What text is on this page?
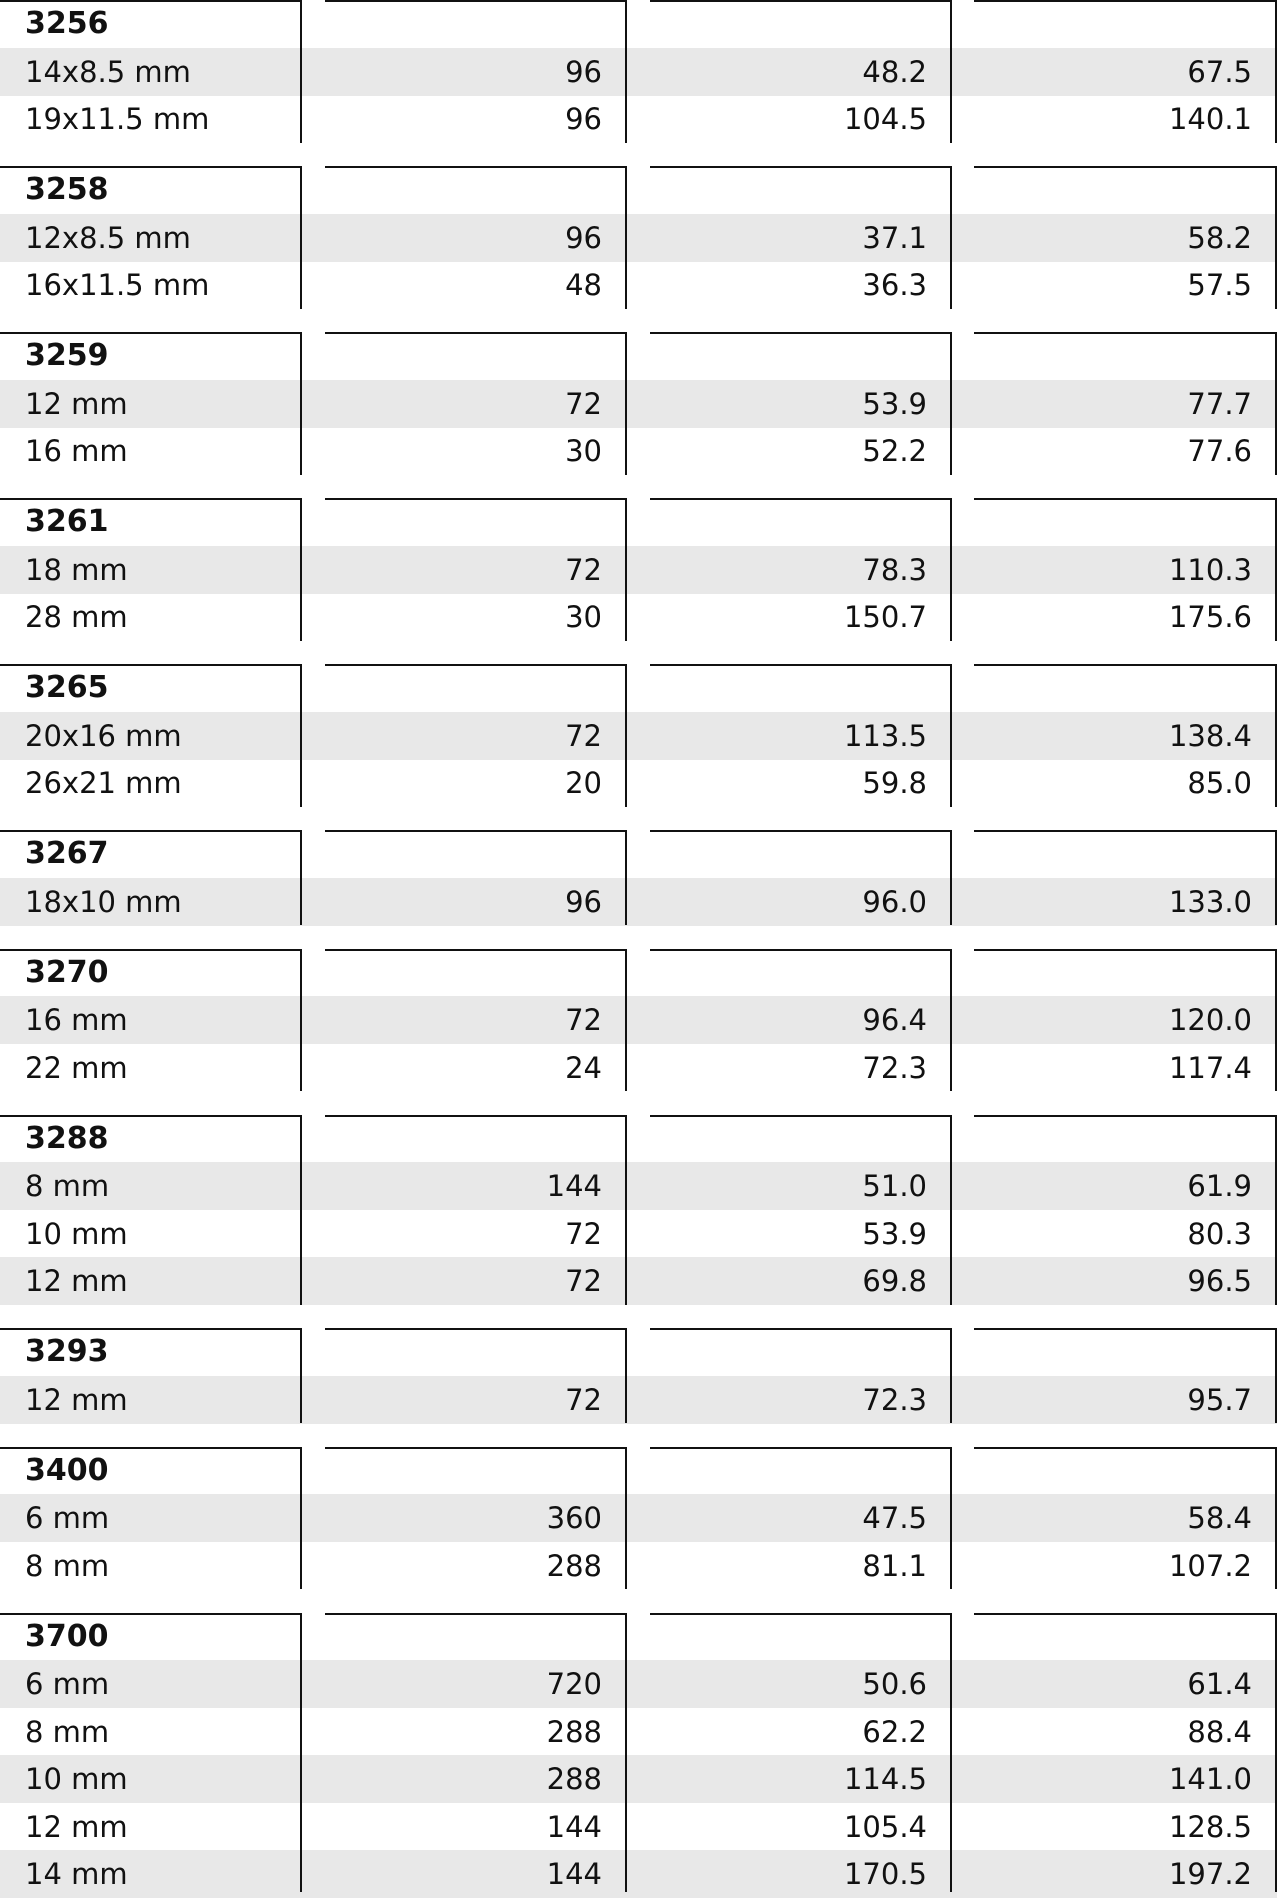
3256
14x8.5 mm	96	48.2	67.5
19x11.5 mm	96	104.5	140.1
3258
12x8.5 mm	96	37.1	58.2
16x11.5 mm	48	36.3	57.5
3259
12 mm	72	53.9	77.7
16 mm	30	52.2	77.6
3261
18 mm	72	78.3	110.3
28 mm	30	150.7	175.6
3265
20x16 mm	72	113.5	138.4
26x21 mm	20	59.8	85.0
3267
18x10 mm	96	96.0	133.0
3270
16 mm	72	96.4	120.0
22 mm	24	72.3	117.4
3288
8 mm	144	51.0	61.9
10 mm	72	53.9	80.3
12 mm	72	69.8	96.5
3293
12 mm	72	72.3	95.7
3400
6 mm	360	47.5	58.4
8 mm	288	81.1	107.2
3700
6 mm	720	50.6	61.4
8 mm	288	62.2	88.4
10 mm	288	114.5	141.0
12 mm	144	105.4	128.5
14 mm	144	170.5	197.2
